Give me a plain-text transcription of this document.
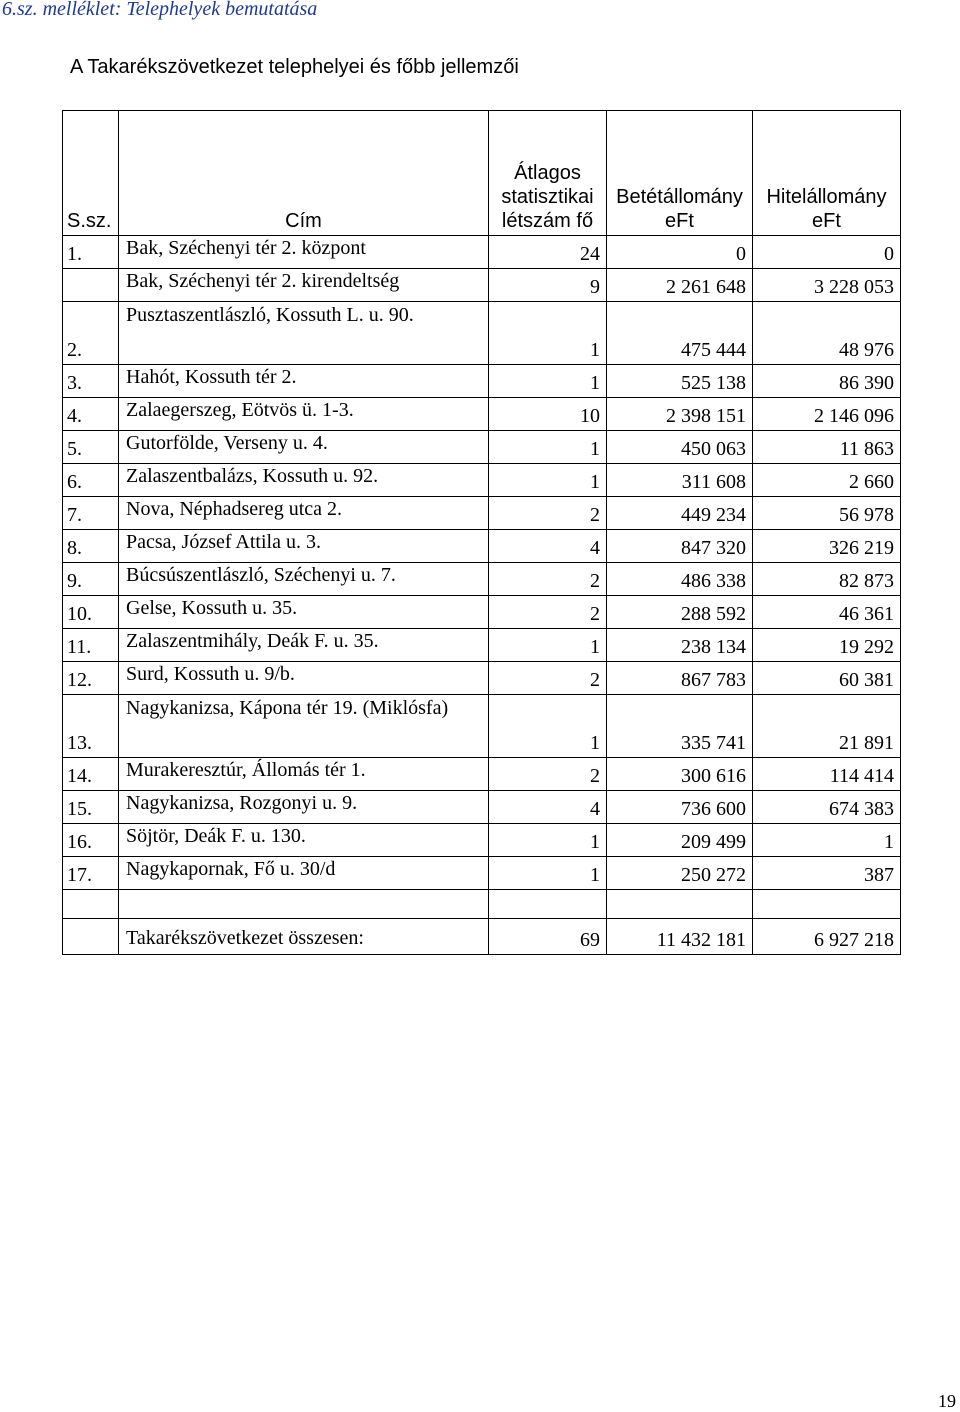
6.sz. melléklet: Telephelyek bemutatása
A Takarékszövetkezet telephelyei és főbb jellemzői
S.sz.	Cím	Átlagos statisztikai létszám fő	Betétállomány eFt	Hitelállomány eFt
1.	Bak, Széchenyi tér 2. központ	24	0	0
	Bak, Széchenyi tér 2. kirendeltség	9	2 261 648	3 228 053
2.	Pusztaszentlászló, Kossuth L. u. 90.	1	475 444	48 976
3.	Hahót, Kossuth tér 2.	1	525 138	86 390
4.	Zalaegerszeg, Eötvös ü. 1-3.	10	2 398 151	2 146 096
5.	Gutorfölde, Verseny u. 4.	1	450 063	11 863
6.	Zalaszentbalázs, Kossuth u. 92.	1	311 608	2 660
7.	Nova, Néphadsereg utca 2.	2	449 234	56 978
8.	Pacsa, József Attila u. 3.	4	847 320	326 219
9.	Búcsúszentlászló, Széchenyi u. 7.	2	486 338	82 873
10.	Gelse, Kossuth u. 35.	2	288 592	46 361
11.	Zalaszentmihály, Deák F. u. 35.	1	238 134	19 292
12.	Surd, Kossuth u. 9/b.	2	867 783	60 381
13.	Nagykanizsa, Kápona tér 19. (Miklósfa)	1	335 741	21 891
14.	Murakeresztúr, Állomás tér 1.	2	300 616	114 414
15.	Nagykanizsa, Rozgonyi u. 9.	4	736 600	674 383
16.	Söjtör, Deák F. u. 130.	1	209 499	1
17.	Nagykapornak, Fő u. 30/d	1	250 272	387

	Takarékszövetkezet összesen:	69	11 432 181	6 927 218
19
